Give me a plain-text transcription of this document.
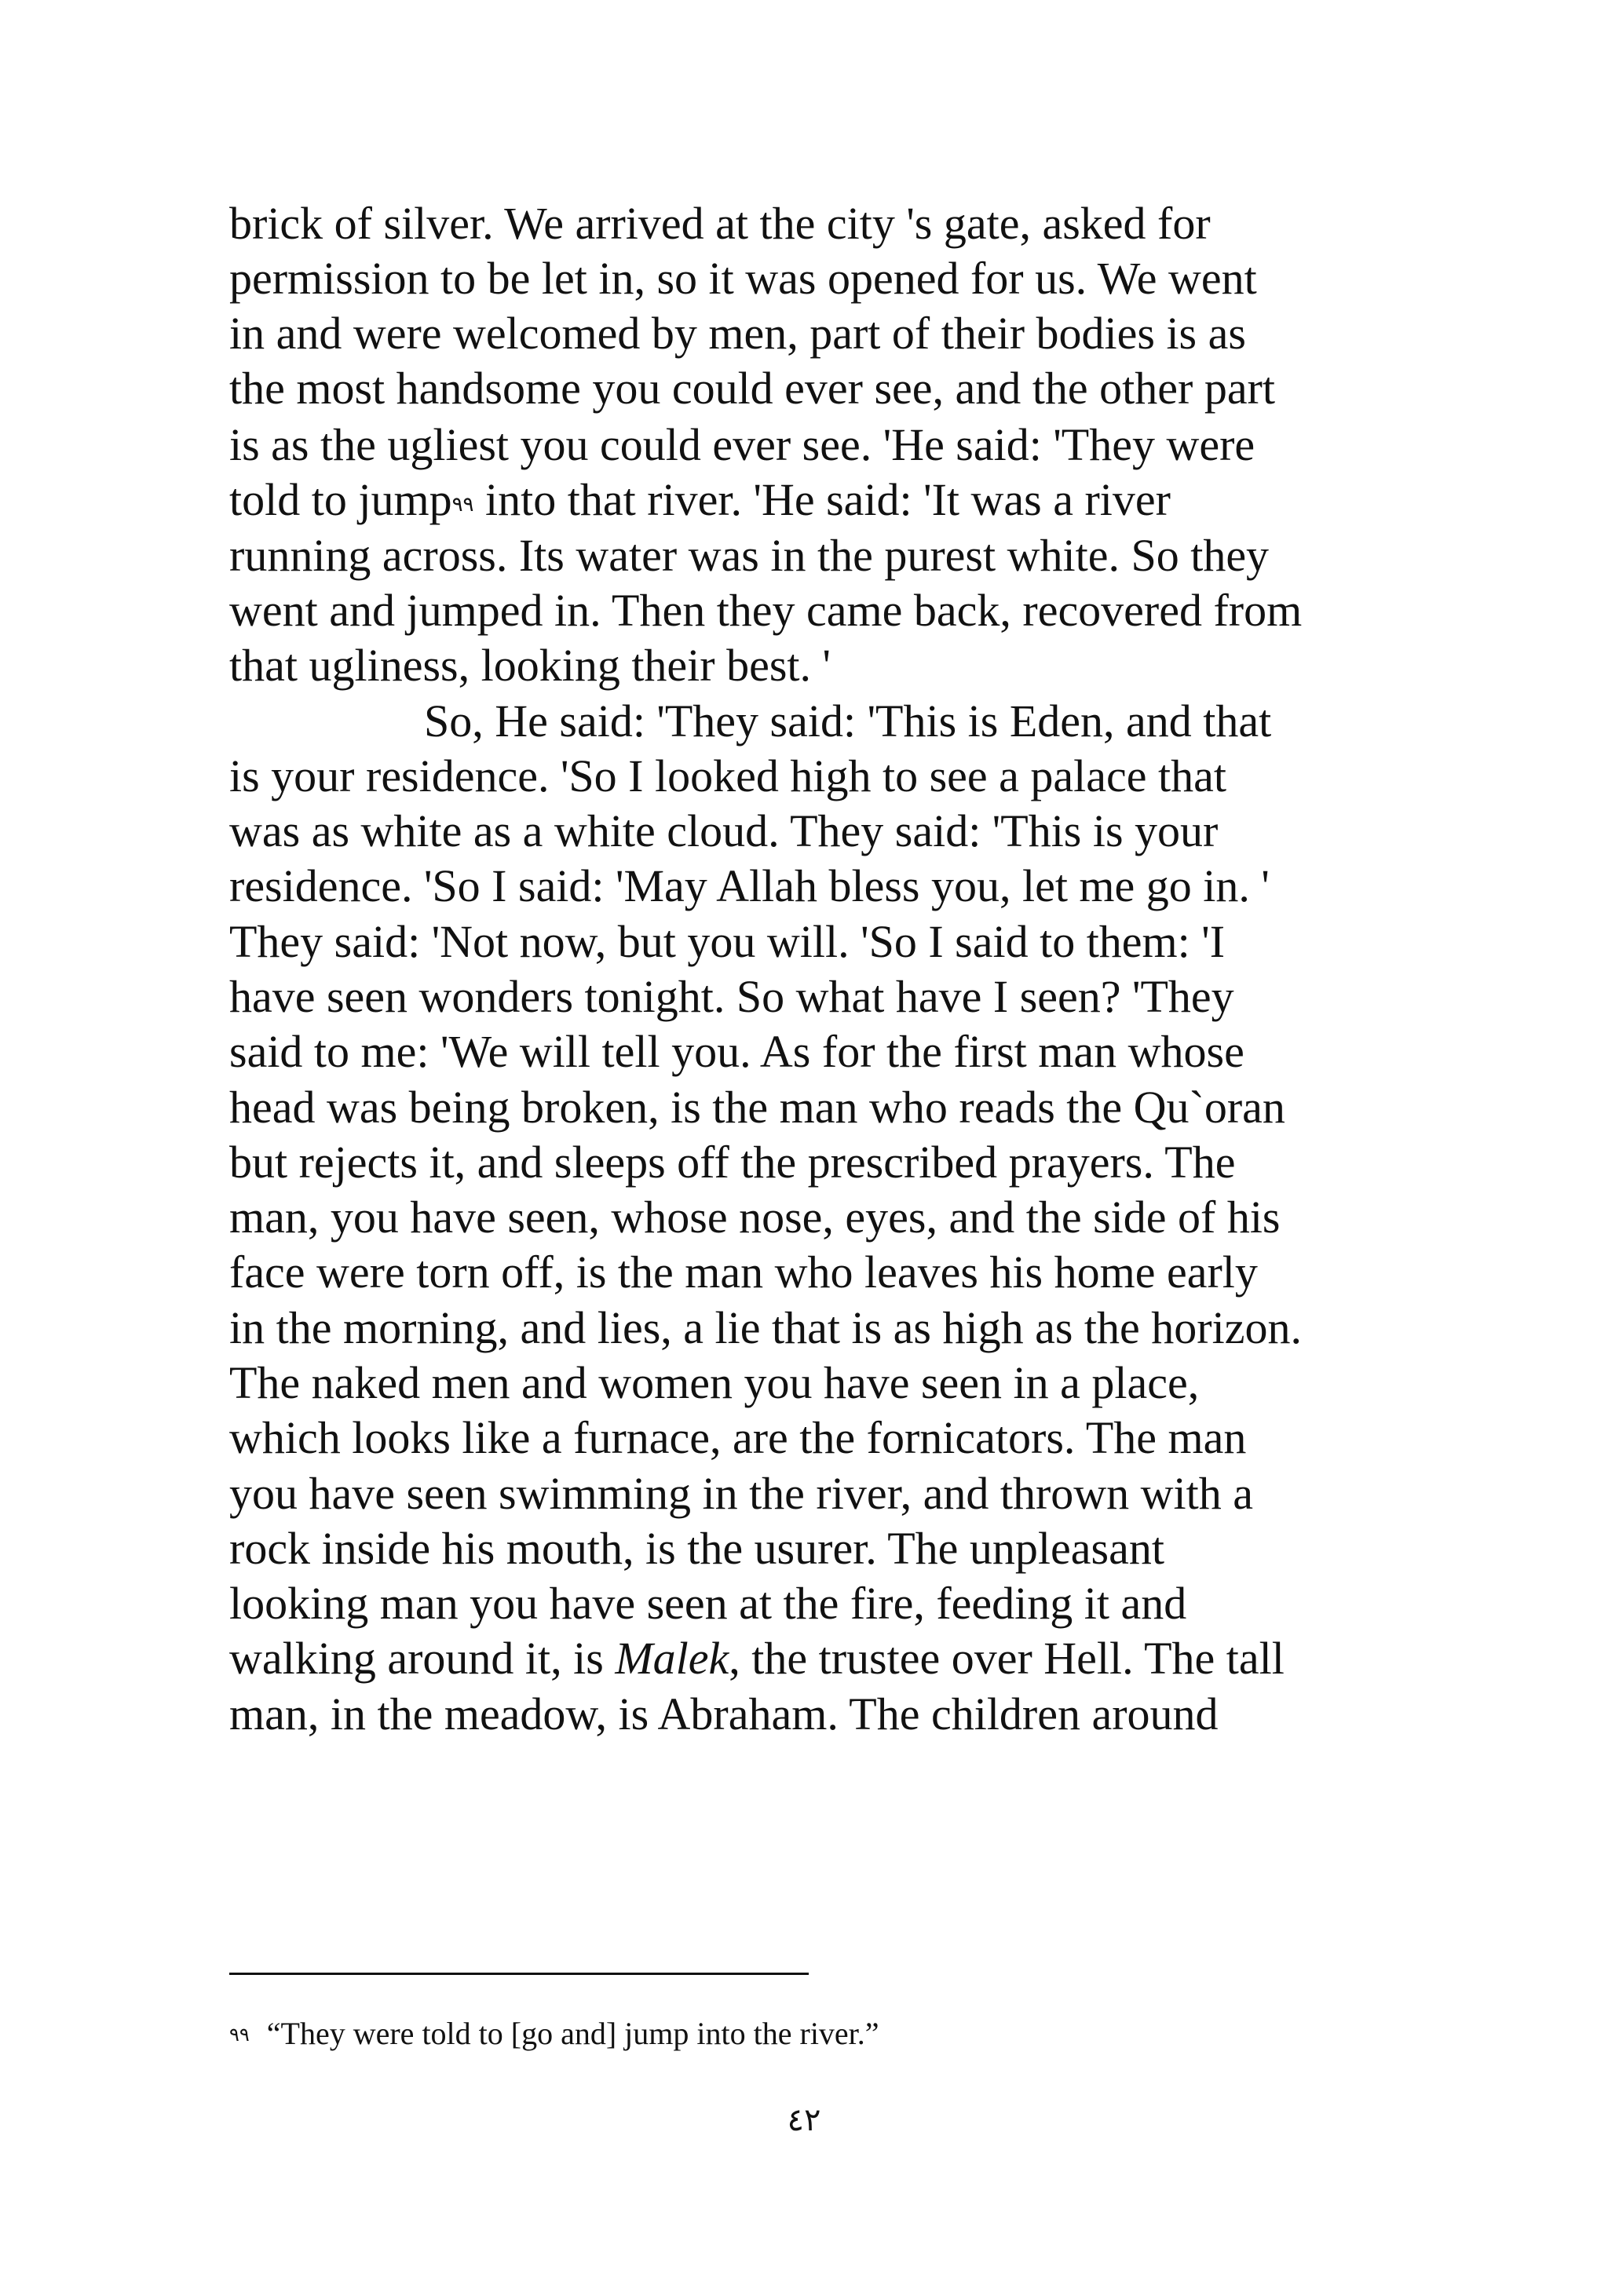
brick of silver. We arrived at the city 's gate, asked for
permission to be let in, so it was opened for us. We went
in and were welcomed by men, part of their bodies is as
the most handsome you could ever see, and the other part
is as the ugliest you could ever see. 'He said: 'They were
told to jump$^{٩٩}$ into that river. 'He said: 'It was a river
running across. Its water was in the purest white. So they
went and jumped in. Then they came back, recovered from
that ugliness, looking their best. '
So, He said: 'They said: 'This is Eden, and that
is your residence. 'So I looked high to see a palace that
was as white as a white cloud. They said: 'This is your
residence. 'So I said: 'May Allah bless you, let me go in. '
They said: 'Not now, but you will. 'So I said to them: 'I
have seen wonders tonight. So what have I seen? 'They
said to me: 'We will tell you. As for the first man whose
head was being broken, is the man who reads the Qu`oran
but rejects it, and sleeps off the prescribed prayers. The
man, you have seen, whose nose, eyes, and the side of his
face were torn off, is the man who leaves his home early
in the morning, and lies, a lie that is as high as the horizon.
The naked men and women you have seen in a place,
which looks like a furnace, are the fornicators. The man
you have seen swimming in the river, and thrown with a
rock inside his mouth, is the usurer. The unpleasant
looking man you have seen at the fire, feeding it and
walking around it, is Malek, the trustee over Hell. The tall
man, in the meadow, is Abraham. The children around
$^{٩٩}$ “They were told to [go and] jump into the river.”
٤٢
